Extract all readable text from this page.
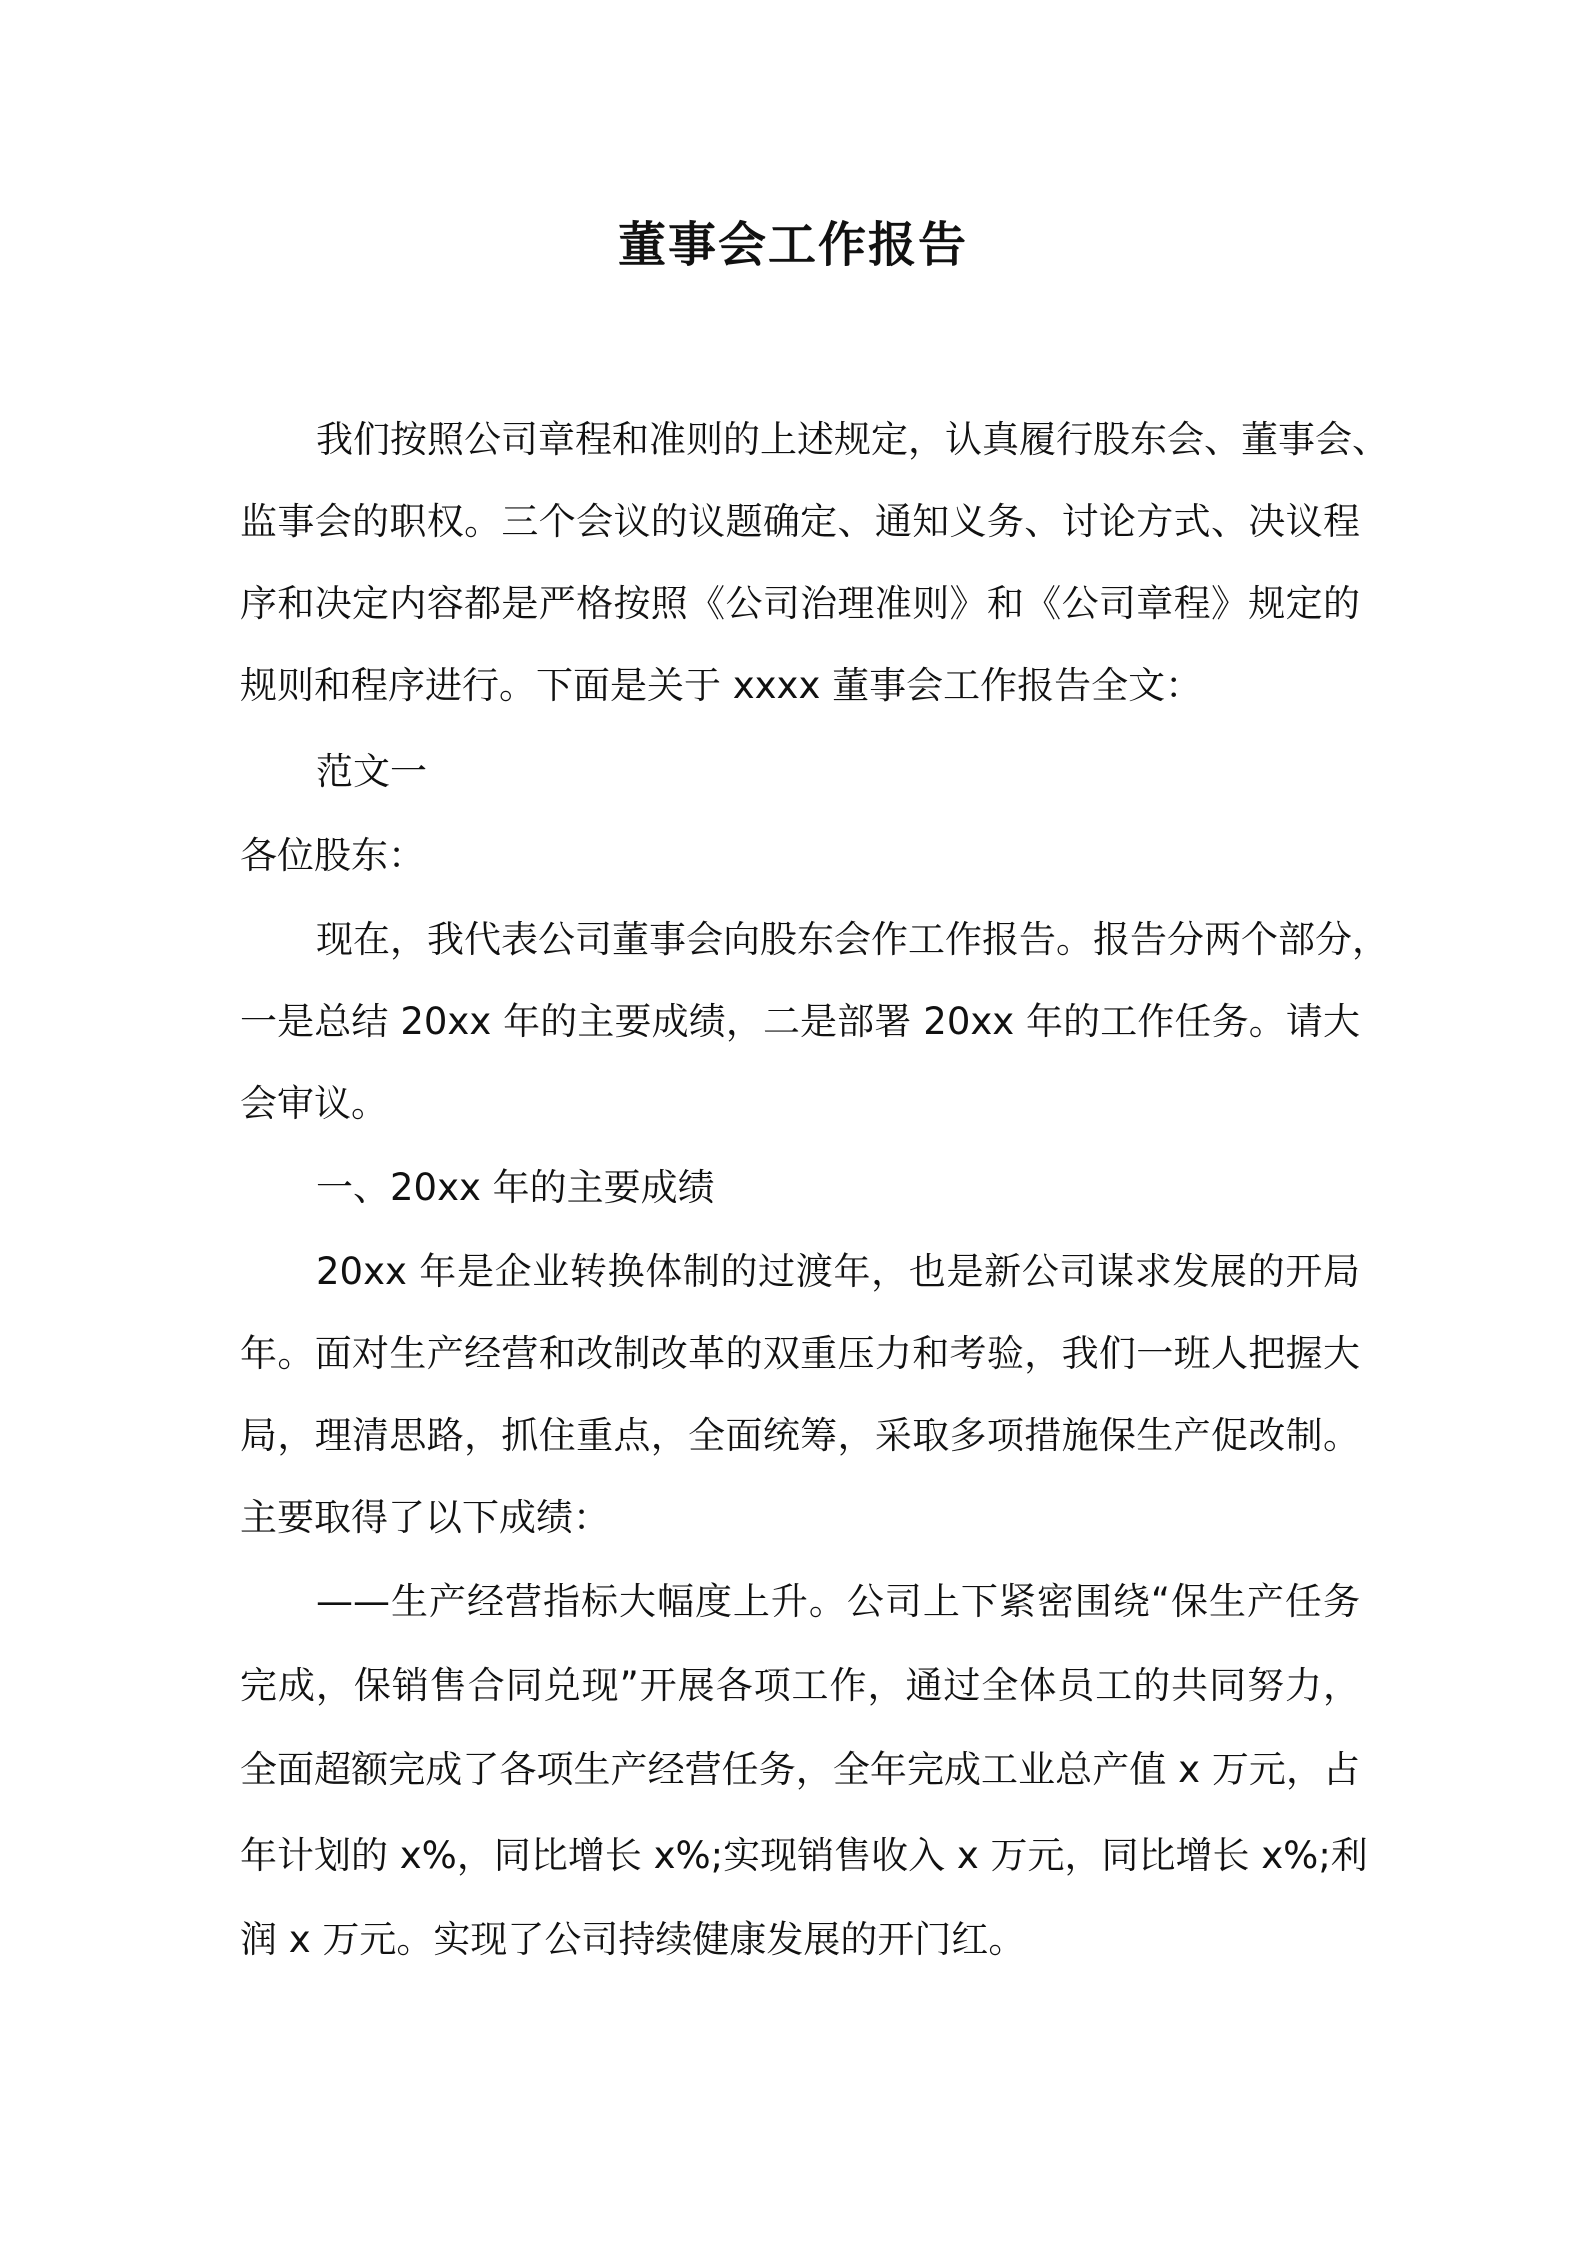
董事会工作报告
我们按照公司章程和准则的上述规定，认真履行股东会、董事会、
监事会的职权。三个会议的议题确定、通知义务、讨论方式、决议程
序和决定内容都是严格按照《公司治理准则》和《公司章程》规定的
规则和程序进行。下面是关于 xxxx 董事会工作报告全文：
范文一
各位股东：
现在，我代表公司董事会向股东会作工作报告。报告分两个部分，
一是总结 20xx 年的主要成绩，二是部署 20xx 年的工作任务。请大
会审议。
一、20xx 年的主要成绩
20xx 年是企业转换体制的过渡年，也是新公司谋求发展的开局
年。面对生产经营和改制改革的双重压力和考验，我们一班人把握大
局，理清思路，抓住重点，全面统筹，采取多项措施保生产促改制。
主要取得了以下成绩：
——生产经营指标大幅度上升。公司上下紧密围绕“保生产任务
完成，保销售合同兑现”开展各项工作，通过全体员工的共同努力，
全面超额完成了各项生产经营任务，全年完成工业总产值 x 万元，占
年计划的 x%，同比增长 x%;实现销售收入 x 万元，同比增长 x%;利
润 x 万元。实现了公司持续健康发展的开门红。
